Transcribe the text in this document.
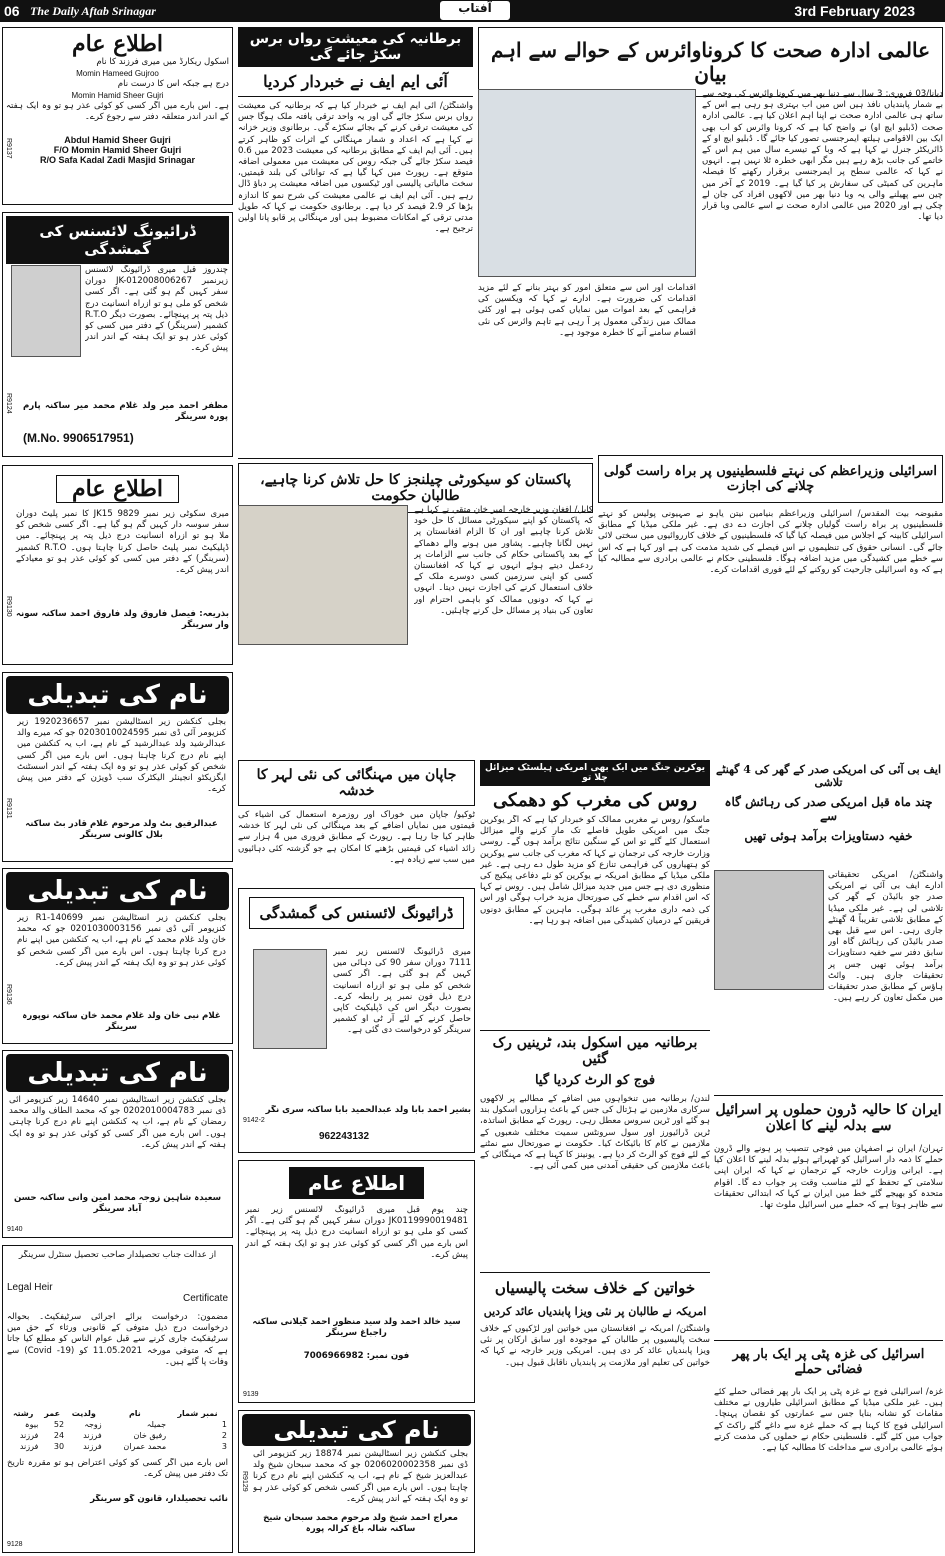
06 The Daily Aftab Srinagar	آفتاب	3rd February 2023
اطلاع عام
اسکول ریکارڈ میں میری فرزند کا نام
Momin Hameed Gujroo
درج ہے جبکہ اس کا درست نام
Momin Hamid Sheer Gujri
ہے۔ اس بارے میں اگر کسی کو کوئی عذر ہو تو وہ ایک ہفتہ کے اندر اندر متعلقہ دفتر سے رجوع کرے۔
Abdul Hamid Sheer Gujri
F/O Momin Hamid Sheer Gujri
R/O Safa Kadal Zadi Masjid Srinagar
R9137
ڈرائیونگ لائسنس کی گمشدگی
چندروز قبل میری ڈرائیونگ لائسنس زیرنمبر JK-012008006267 دوران سفر کہیں گم ہو گئی ہے۔ اگر کسی شخص کو ملی ہو تو ازراہ انسانیت درج ذیل پتہ پر پہنچائے۔ بصورت دیگر R.T.O کشمیر (سرینگر) کے دفتر میں کسی کو کوئی عذر ہو تو ایک ہفتہ کے اندر اندر پیش کرے۔
مظفر احمد میر ولد غلام محمد میر ساکنہ پارم پورہ سرینگر
(M.No. 9906517951)
R9124
اطلاع عام
میری سکوٹی زیر نمبر JK15 9829 کا نمبر پلیٹ دوران سفر سوسہ دار کہیں گم ہو گیا ہے۔ اگر کسی شخص کو ملا ہو تو ازراہ انسانیت درج ذیل پتہ پر پہنچائے۔ میں ڈپلیکیٹ نمبر پلیٹ حاصل کرنا چاہتا ہوں۔ R.T.O کشمیر (سرینگر) کے دفتر میں کسی کو کوئی عذر ہو تو معیادکے اندر پیش کرے۔
بذریعہ: فیصل فاروق ولد فاروق احمد ساکنہ سونہ وار سرینگر
R9130
نام کی تبدیلی
بجلی کنکشن زیر انسٹالیشن نمبر 1920236657 زیر کنزیومر آئی ڈی نمبر 0203010024595 جو کہ میرے والد عبدالرشید ولد عبدالرشید کے نام ہے، اب یہ کنکشن میں اپنے نام درج کرنا چاہتا ہوں۔ اس بارے میں اگر کسی شخص کو کوئی عذر ہو تو وہ ایک ہفتہ کے اندر اسسٹنٹ ایگزیکٹو انجینئر الیکٹرک سب ڈویژن کے دفتر میں پیش کرے۔
عبدالرفیق بٹ ولد مرحوم غلام قادر بٹ ساکنہ بلال کالونی سرینگر
R9131
نام کی تبدیلی
بجلی کنکشن زیر انسٹالیشن نمبر 140699-R1 زیر کنزیومر آئی ڈی نمبر 0201030003156 جو کہ محمد خان ولد غلام محمد کے نام ہے، اب یہ کنکشن میں اپنے نام درج کرنا چاہتا ہوں۔ اس بارے میں اگر کسی شخص کو کوئی عذر ہو تو وہ ایک ہفتہ کے اندر پیش کرے۔
غلام نبی خان ولد غلام محمد خان ساکنہ نوپورہ سرینگر
R9136
نام کی تبدیلی
بجلی کنکشن زیر انسٹالیشن نمبر 14640 زیر کنزیومر آئی ڈی نمبر 0202010004783 جو کہ محمد الطاف والد محمد رمضان کے نام ہے، اب یہ کنکشن اپنے نام درج کرنا چاہتی ہوں۔ اس بارے میں اگر کسی کو کوئی عذر ہو تو وہ ایک ہفتہ کے اندر پیش کرے۔
سعیدہ شاہین زوجہ محمد امین وانی ساکنہ حسن آباد سرینگر
9140
از عدالت جناب تحصیلدار صاحب تحصیل سنٹرل سرینگر
Legal Heir
Certificate
مضمون: درخواست برائے اجرائی سرٹیفکیٹ۔ بحوالہ درخواست درج ذیل متوفی کے قانونی ورثاء کے حق میں سرٹیفکیٹ جاری کرنے سے قبل عوام الناس کو مطلع کیا جاتا ہے کہ متوفی مورخہ 11.05.2021 کو (Covid -19) سے وفات پا گئے ہیں۔
نمبر شمار	نام	ولدیت	عمر	رشتہ
1	جمیلہ	زوجہ	52	بیوہ
2	رفیق خان	فرزند	24	فرزند
3	محمد عمران	فرزند	30	فرزند
اس بارے میں اگر کسی کو کوئی اعتراض ہو تو مقررہ تاریخ تک دفتر میں پیش کرے۔
نائب تحصیلدار، قانون گو سرینگر
9128
برطانیہ کی معیشت رواں برس سکڑ جائے گی
آئی ایم ایف نے خبردار کردیا
واشنگٹن/ آئی ایم ایف نے خبردار کیا ہے کہ برطانیہ کی معیشت رواں برس سکڑ جائے گی اور یہ واحد ترقی یافتہ ملک ہوگا جس کی معیشت ترقی کرنے کے بجائے سکڑے گی۔ برطانوی وزیر خزانہ نے کہا ہے کہ اعداد و شمار مہنگائی کے اثرات کو ظاہر کرتے ہیں۔ آئی ایم ایف کے مطابق برطانیہ کی معیشت 2023 میں 0.6 فیصد سکڑ جائے گی جبکہ روس کی معیشت میں معمولی اضافہ متوقع ہے۔ رپورٹ میں کہا گیا ہے کہ توانائی کی بلند قیمتیں، سخت مالیاتی پالیسی اور ٹیکسوں میں اضافہ معیشت پر دباؤ ڈال رہے ہیں۔ آئی ایم ایف نے عالمی معیشت کی شرح نمو کا اندازہ بڑھا کر 2.9 فیصد کر دیا ہے۔ برطانوی حکومت نے کہا کہ طویل مدتی ترقی کے امکانات مضبوط ہیں اور مہنگائی پر قابو پانا اولین ترجیح ہے۔
عالمی ادارہ صحت کا کروناوائرس کے حوالے سے اہم بیان
دیانا/03 فروری: 3 سال سے دنیا بھر میں کرونا وائرس کی وجہ سے بے شمار پابندیاں نافذ ہیں اس میں اب بہتری ہو رہی ہے اس کے ساتھ ہی عالمی ادارہ صحت نے اپنا اہم اعلان کیا ہے۔ عالمی ادارہ صحت (ڈبلیو ایچ او) نے واضح کیا ہے کہ کرونا وائرس کو اب بھی ایک بین الاقوامی ہیلتھ ایمرجنسی تصور کیا جائے گا۔ ڈبلیو ایچ او کے ڈائریکٹر جنرل نے کہا ہے کہ وبا کے تیسرے سال میں ہم اس کے خاتمے کی جانب بڑھ رہے ہیں مگر ابھی خطرہ ٹلا نہیں ہے۔ انہوں نے کہا کہ عالمی سطح پر ایمرجنسی برقرار رکھنے کا فیصلہ ماہرین کی کمیٹی کی سفارش پر کیا گیا ہے۔ 2019 کے آخر میں چین سے پھیلنے والی یہ وبا دنیا بھر میں لاکھوں افراد کی جان لے چکی ہے اور 2020 میں عالمی ادارہ صحت نے اسے عالمی وبا قرار دیا تھا۔
اقدامات اور اس سے متعلق امور کو بہتر بنانے کے لئے مزید اقدامات کی ضرورت ہے۔ ادارے نے کہا کہ ویکسین کی فراہمی کے بعد اموات میں نمایاں کمی ہوئی ہے اور کئی ممالک میں زندگی معمول پر آ رہی ہے تاہم وائرس کی نئی اقسام سامنے آنے کا خطرہ موجود ہے۔
پاکستان کو سیکورٹی چیلنجز کا حل تلاش کرنا چاہیے، طالبان حکومت
کابل/ افغان وزیر خارجہ امیر خان متقی نے کہا ہے کہ پاکستان کو اپنے سیکورٹی مسائل کا حل خود تلاش کرنا چاہیے اور ان کا الزام افغانستان پر نہیں لگانا چاہیے۔ پشاور میں ہونے والے دھماکے کے بعد پاکستانی حکام کی جانب سے الزامات پر ردعمل دیتے ہوئے انہوں نے کہا کہ افغانستان کسی کو اپنی سرزمین کسی دوسرے ملک کے خلاف استعمال کرنے کی اجازت نہیں دیتا۔ انہوں نے کہا کہ دونوں ممالک کو باہمی احترام اور تعاون کی بنیاد پر مسائل حل کرنے چاہئیں۔
اسرائیلی وزیراعظم کی نہتے فلسطینیوں پر براہ راست گولی چلانے کی اجازت
مقبوضہ بیت المقدس/ اسرائیلی وزیراعظم بنیامین نیتن یاہو نے صہیونی پولیس کو نہتے فلسطینیوں پر براہ راست گولیاں چلانے کی اجازت دے دی ہے۔ غیر ملکی میڈیا کے مطابق اسرائیلی کابینہ کے اجلاس میں فیصلہ کیا گیا کہ فلسطینیوں کے خلاف کارروائیوں میں سختی لائی جائے گی۔ انسانی حقوق کی تنظیموں نے اس فیصلے کی شدید مذمت کی ہے اور کہا ہے کہ اس سے خطے میں کشیدگی میں مزید اضافہ ہوگا۔ فلسطینی حکام نے عالمی برادری سے مطالبہ کیا ہے کہ وہ اسرائیلی جارحیت کو روکنے کے لئے فوری اقدامات کرے۔
جاپان میں مہنگائی کی نئی لہر کا خدشہ
ٹوکیو/ جاپان میں خوراک اور روزمرہ استعمال کی اشیاء کی قیمتوں میں نمایاں اضافے کے بعد مہنگائی کی نئی لہر کا خدشہ ظاہر کیا جا رہا ہے۔ رپورٹ کے مطابق فروری میں 4 ہزار سے زائد اشیاء کی قیمتیں بڑھنے کا امکان ہے جو گزشتہ کئی دہائیوں میں سب سے زیادہ ہے۔
ڈرائیونگ لائسنس کی گمشدگی
میری ڈرائیونگ لائسنس زیر نمبر 7111 دوران سفر 90 کی دہائی میں کہیں گم ہو گئی ہے۔ اگر کسی شخص کو ملی ہو تو ازراہ انسانیت درج ذیل فون نمبر پر رابطہ کرے۔ بصورت دیگر اس کی ڈپلیکیٹ کاپی حاصل کرنے کے لئے آر ٹی او کشمیر سرینگر کو درخواست دی گئی ہے۔
بشیر احمد بابا ولد عبدالحمید بابا ساکنہ سری نگر
962243132
9142-2
اطلاع عام
چند یوم قبل میری ڈرائیونگ لائسنس زیر نمبر JK0119990019481 دوران سفر کہیں گم ہو گئی ہے۔ اگر کسی کو ملی ہو تو ازراہ انسانیت درج ذیل پتہ پر پہنچائے۔ اس بارے میں اگر کسی کو کوئی عذر ہو تو ایک ہفتہ کے اندر پیش کرے۔
سید خالد احمد ولد سید منظور احمد گیلانی ساکنہ راجباغ سرینگر
فون نمبر: 7006966982
9139
نام کی تبدیلی
بجلی کنکشن زیر انسٹالیشن نمبر 18874 زیر کنزیومر آئی ڈی نمبر 0206020002358 جو کہ محمد سبحان شیخ ولد عبدالعزیز شیخ کے نام ہے، اب یہ کنکشن اپنے نام درج کرنا چاہتا ہوں۔ اس بارے میں اگر کسی شخص کو کوئی عذر ہو تو وہ ایک ہفتہ کے اندر پیش کرے۔
معراج احمد شیخ ولد مرحوم محمد سبحان شیخ ساکنہ شالہ باغ کرالہ پورہ
R9129
یوکرین جنگ میں ایک بھی امریکی ہیلسٹک میزائل چلا تو
روس کی مغرب کو دھمکی
ماسکو/ روس نے مغربی ممالک کو خبردار کیا ہے کہ اگر یوکرین جنگ میں امریکی طویل فاصلے تک مار کرنے والے میزائل استعمال کئے گئے تو اس کے سنگین نتائج برآمد ہوں گے۔ روسی وزارت خارجہ کی ترجمان نے کہا کہ مغرب کی جانب سے یوکرین کو ہتھیاروں کی فراہمی تنازع کو مزید طول دے رہی ہے۔ غیر ملکی میڈیا کے مطابق امریکہ نے یوکرین کو نئے دفاعی پیکیج کی منظوری دی ہے جس میں جدید میزائل شامل ہیں۔ روس نے کہا کہ اس اقدام سے خطے کی صورتحال مزید خراب ہوگی اور اس کی ذمہ داری مغرب پر عائد ہوگی۔ ماہرین کے مطابق دونوں فریقین کے درمیان کشیدگی میں اضافہ ہو رہا ہے۔
برطانیہ میں اسکول بند، ٹرینیں رک گئیں
فوج کو الرٹ کردیا گیا
لندن/ برطانیہ میں تنخواہوں میں اضافے کے مطالبے پر لاکھوں سرکاری ملازمین نے ہڑتال کی جس کے باعث ہزاروں اسکول بند ہو گئے اور ٹرین سروس معطل رہی۔ رپورٹ کے مطابق اساتذہ، ٹرین ڈرائیورز اور سول سرونٹس سمیت مختلف شعبوں کے ملازمین نے کام کا بائیکاٹ کیا۔ حکومت نے صورتحال سے نمٹنے کے لئے فوج کو الرٹ کر دیا ہے۔ یونینز کا کہنا ہے کہ مہنگائی کے باعث ملازمین کی حقیقی آمدنی میں کمی آئی ہے۔
خواتین کے خلاف سخت پالیسیاں
امریکہ نے طالبان پر نئی ویزا پابندیاں عائد کردیں
واشنگٹن/ امریکہ نے افغانستان میں خواتین اور لڑکیوں کے خلاف سخت پالیسیوں پر طالبان کے موجودہ اور سابق ارکان پر نئی ویزا پابندیاں عائد کر دی ہیں۔ امریکی وزیر خارجہ نے کہا کہ خواتین کی تعلیم اور ملازمت پر پابندیاں ناقابل قبول ہیں۔
ایف بی آئی کی امریکی صدر کے گھر کی 4 گھنٹے تلاشی
چند ماہ قبل امریکی صدر کی رہائش گاہ سے
خفیہ دستاویزات برآمد ہوئی تھیں
واشنگٹن/ امریکی تحقیقاتی ادارے ایف بی آئی نے امریکی صدر جو بائیڈن کے گھر کی تلاشی لی ہے۔ غیر ملکی میڈیا کے مطابق تلاشی تقریباً 4 گھنٹے جاری رہی۔ اس سے قبل بھی صدر بائیڈن کی رہائش گاہ اور سابق دفتر سے خفیہ دستاویزات برآمد ہوئی تھیں جس پر تحقیقات جاری ہیں۔ وائٹ ہاؤس کے مطابق صدر تحقیقات میں مکمل تعاون کر رہے ہیں۔
ایران کا حالیہ ڈرون حملوں پر اسرائیل سے بدلہ لینے کا اعلان
تہران/ ایران نے اصفہان میں فوجی تنصیب پر ہونے والے ڈرون حملے کا ذمہ دار اسرائیل کو ٹھہراتے ہوئے بدلہ لینے کا اعلان کیا ہے۔ ایرانی وزارت خارجہ کے ترجمان نے کہا کہ ایران اپنی سلامتی کے تحفظ کے لئے مناسب وقت پر جواب دے گا۔ اقوام متحدہ کو بھیجے گئے خط میں ایران نے کہا کہ ابتدائی تحقیقات سے ظاہر ہوتا ہے کہ حملے میں اسرائیل ملوث تھا۔
اسرائیل کی غزہ پٹی پر ایک بار پھر فضائی حملے
غزہ/ اسرائیلی فوج نے غزہ پٹی پر ایک بار پھر فضائی حملے کئے ہیں۔ غیر ملکی میڈیا کے مطابق اسرائیلی طیاروں نے مختلف مقامات کو نشانہ بنایا جس سے عمارتوں کو نقصان پہنچا۔ اسرائیلی فوج کا کہنا ہے کہ حملے غزہ سے داغے گئے راکٹ کے جواب میں کئے گئے۔ فلسطینی حکام نے حملوں کی مذمت کرتے ہوئے عالمی برادری سے مداخلت کا مطالبہ کیا ہے۔
